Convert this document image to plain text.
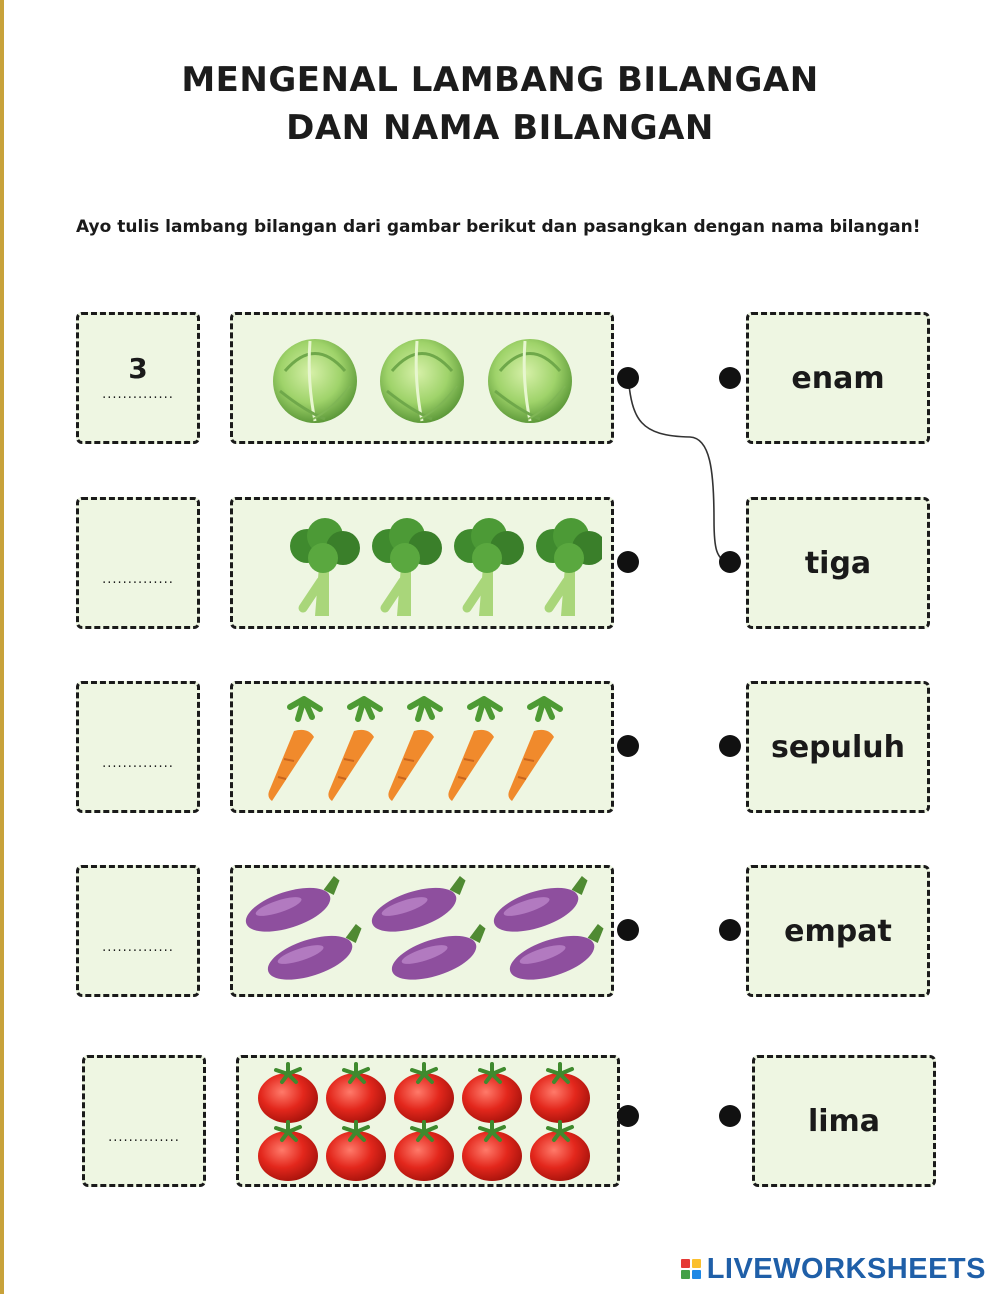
MENGENAL LAMBANG BILANGAN
DAN NAMA BILANGAN
Ayo tulis lambang bilangan dari gambar berikut dan pasangkan dengan nama bilangan!
3
..............	enam
..............	tiga
..............	sepuluh
..............	empat
..............	lima
LIVEWORKSHEETS
